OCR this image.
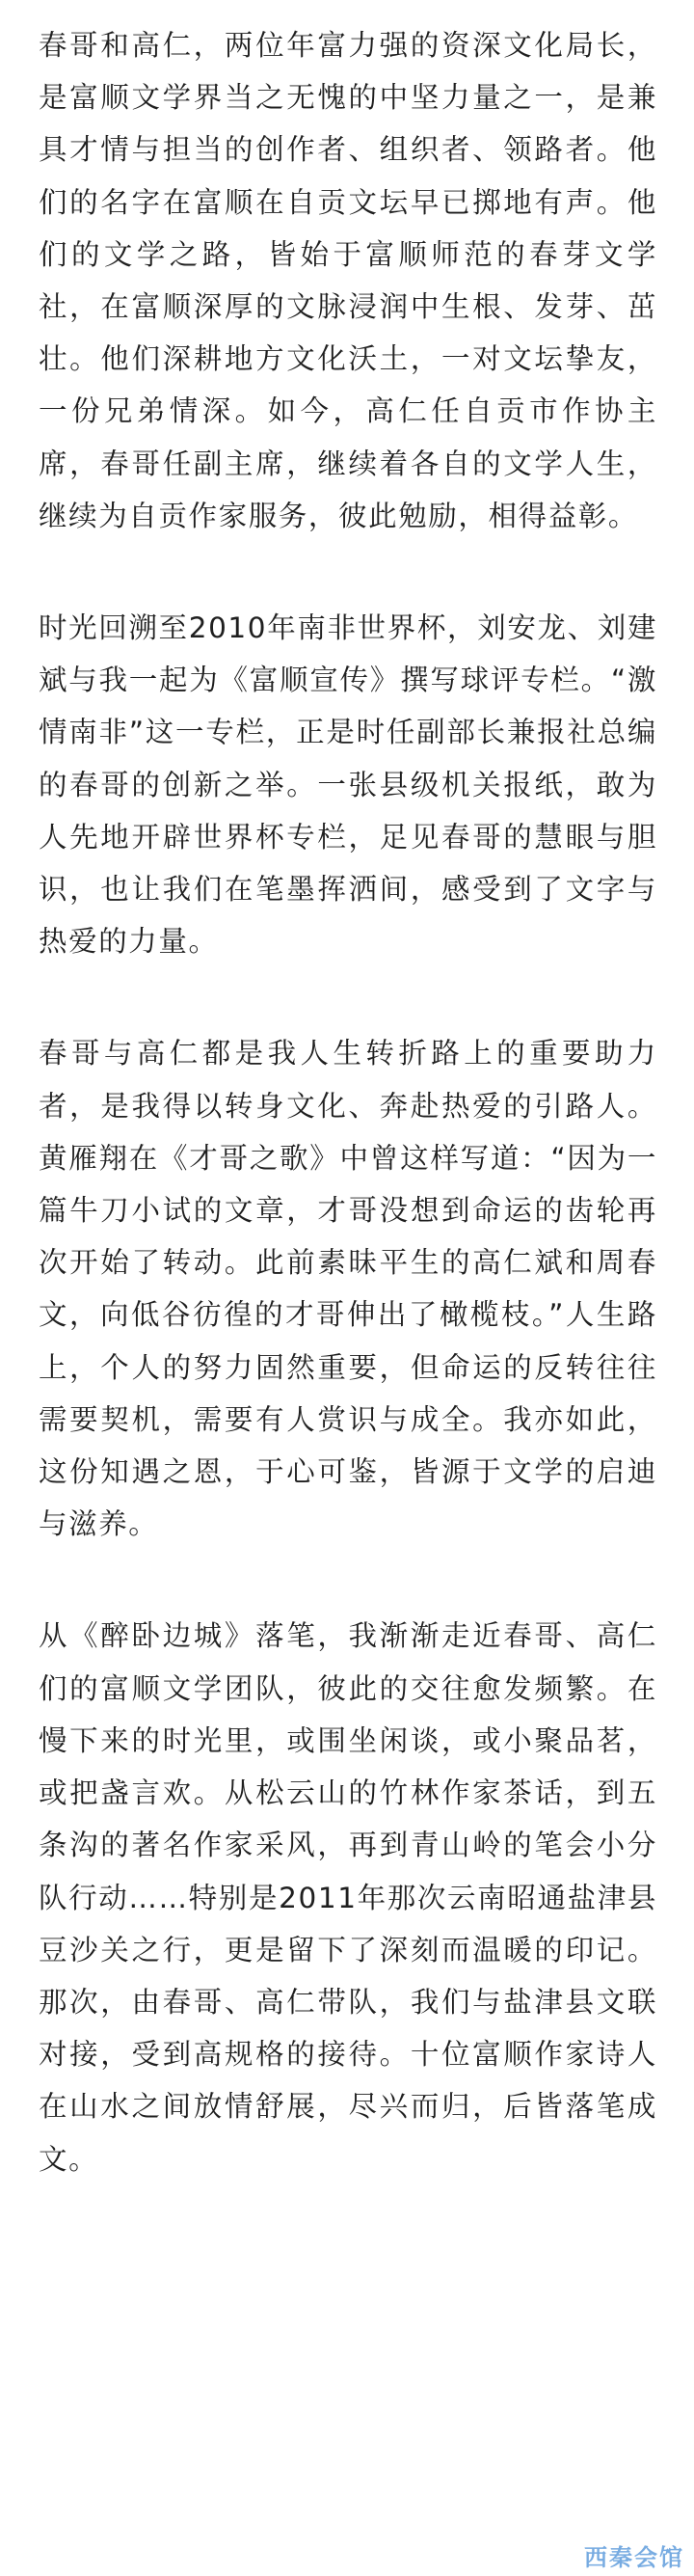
春哥和高仁，两位年富力强的资深文化局长，是富顺文学界当之无愧的中坚力量之一，是兼具才情与担当的创作者、组织者、领路者。他们的名字在富顺在自贡文坛早已掷地有声。他们的文学之路，皆始于富顺师范的春芽文学社，在富顺深厚的文脉浸润中生根、发芽、茁壮。他们深耕地方文化沃土，一对文坛挚友，一份兄弟情深。如今，高仁任自贡市作协主席，春哥任副主席，继续着各自的文学人生，继续为自贡作家服务，彼此勉励，相得益彰。

时光回溯至2010年南非世界杯，刘安龙、刘建斌与我一起为《富顺宣传》撰写球评专栏。“激情南非”这一专栏，正是时任副部长兼报社总编的春哥的创新之举。一张县级机关报纸，敢为人先地开辟世界杯专栏，足见春哥的慧眼与胆识，也让我们在笔墨挥洒间，感受到了文字与热爱的力量。

春哥与高仁都是我人生转折路上的重要助力者，是我得以转身文化、奔赴热爱的引路人。黄雁翔在《才哥之歌》中曾这样写道：“因为一篇牛刀小试的文章，才哥没想到命运的齿轮再次开始了转动。此前素昧平生的高仁斌和周春文，向低谷彷徨的才哥伸出了橄榄枝。”人生路上，个人的努力固然重要，但命运的反转往往需要契机，需要有人赏识与成全。我亦如此，这份知遇之恩，于心可鉴，皆源于文学的启迪与滋养。

从《醉卧边城》落笔，我渐渐走近春哥、高仁们的富顺文学团队，彼此的交往愈发频繁。在慢下来的时光里，或围坐闲谈，或小聚品茗，或把盏言欢。从松云山的竹林作家茶话，到五条沟的著名作家采风，再到青山岭的笔会小分队行动……特别是2011年那次云南昭通盐津县豆沙关之行，更是留下了深刻而温暖的印记。那次，由春哥、高仁带队，我们与盐津县文联对接，受到高规格的接待。十位富顺作家诗人在山水之间放情舒展，尽兴而归，后皆落笔成文。

西秦会馆
